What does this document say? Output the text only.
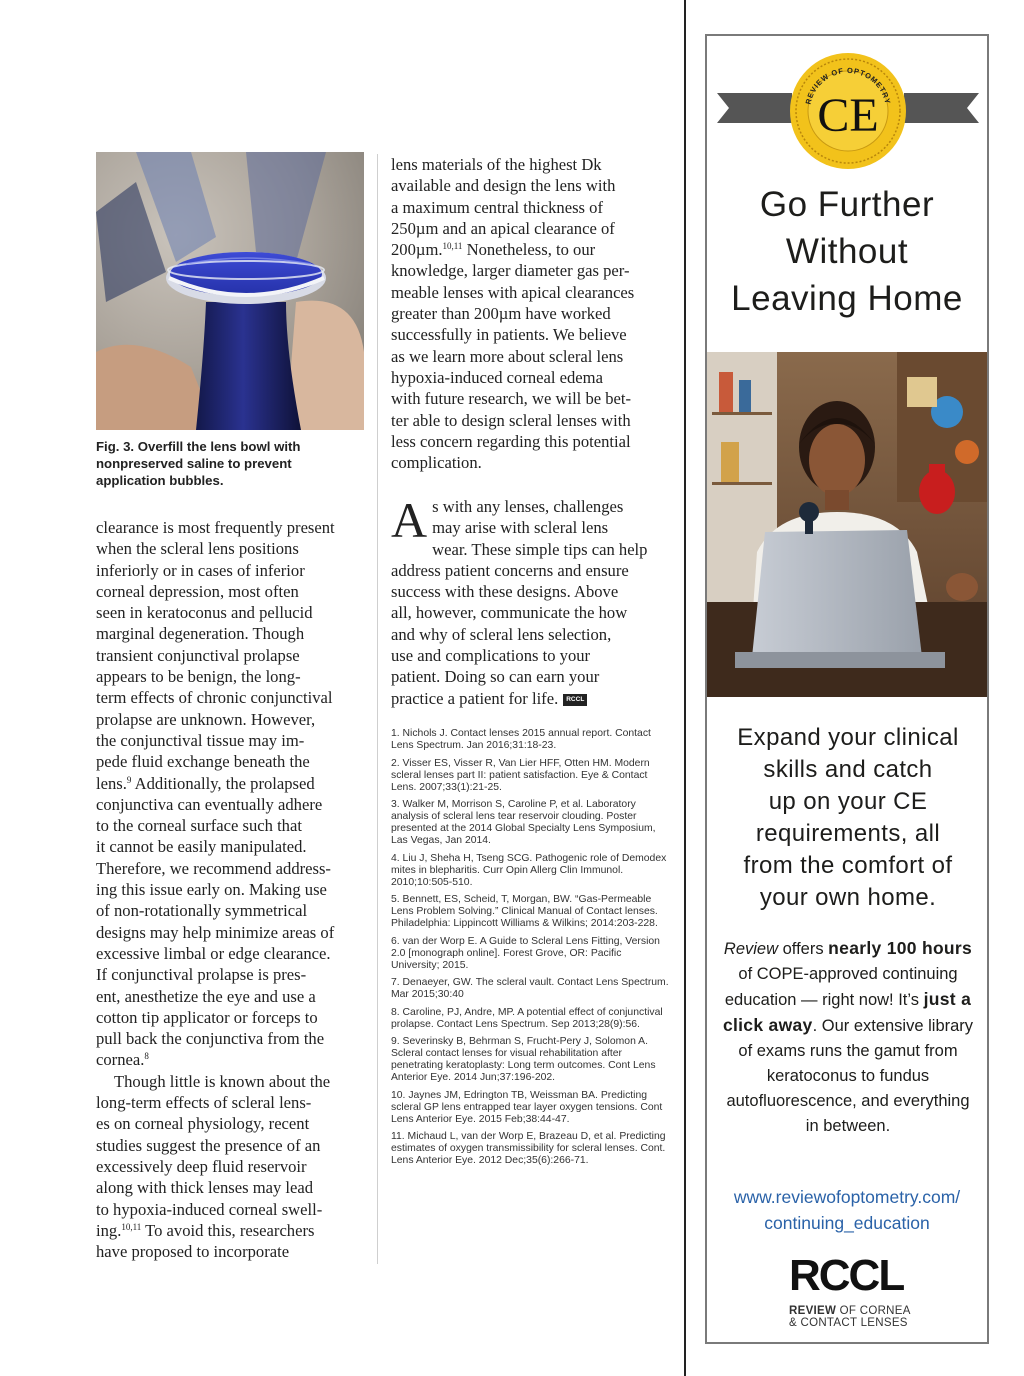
Fig. 3. Overfill the lens bowl with nonpreserved saline to prevent application bubbles.

clearance is most frequently present
when the scleral lens positions
inferiorly or in cases of inferior
corneal depression, most often
seen in keratoconus and pellucid
marginal degeneration. Though
transient conjunctival prolapse
appears to be benign, the long-
term effects of chronic conjunctival
prolapse are unknown. However,
the conjunctival tissue may im-
pede fluid exchange beneath the
lens.$^9$ Additionally, the prolapsed
conjunctiva can eventually adhere
to the corneal surface such that
it cannot be easily manipulated.
Therefore, we recommend address-
ing this issue early on. Making use
of non-rotationally symmetrical
designs may help minimize areas of
excessive limbal or edge clearance.
If conjunctival prolapse is pres-
ent, anesthetize the eye and use a
cotton tip applicator or forceps to
pull back the conjunctiva from the
cornea.$^8$

Though little is known about the
long-term effects of scleral lens-
es on corneal physiology, recent
studies suggest the presence of an
excessively deep fluid reservoir
along with thick lenses may lead
to hypoxia-induced corneal swell-
ing.$^{10,11}$ To avoid this, researchers
have proposed to incorporate

lens materials of the highest Dk
available and design the lens with
a maximum central thickness of
250µm and an apical clearance of
200µm.$^{10,11}$ Nonetheless, to our
knowledge, larger diameter gas per-
meable lenses with apical clearances
greater than 200µm have worked
successfully in patients. We believe
as we learn more about scleral lens
hypoxia-induced corneal edema
with future research, we will be bet-
ter able to design scleral lenses with
less concern regarding this potential
complication.

A s with any lenses, challenges
may arise with scleral lens
wear. These simple tips can help
address patient concerns and ensure
success with these designs. Above
all, however, communicate the how
and why of scleral lens selection,
use and complications to your
patient. Doing so can earn your
practice a patient for life. RCCL

1. Nichols J. Contact lenses 2015 annual report. Contact Lens Spectrum. Jan 2016;31:18-23.
2. Visser ES, Visser R, Van Lier HFF, Otten HM. Modern scleral lenses part II: patient satisfaction. Eye & Contact Lens. 2007;33(1):21-25.
3. Walker M, Morrison S, Caroline P, et al. Laboratory analysis of scleral lens tear reservoir clouding. Poster presented at the 2014 Global Specialty Lens Symposium, Las Vegas, Jan 2014.
4. Liu J, Sheha H, Tseng SCG. Pathogenic role of Demodex mites in blepharitis. Curr Opin Allerg Clin Immunol. 2010;10:505-510.
5. Bennett, ES, Scheid, T, Morgan, BW. “Gas-Permeable Lens Problem Solving.” Clinical Manual of Contact lenses. Philadelphia: Lippincott Williams & Wilkins; 2014:203-228.
6. van der Worp E. A Guide to Scleral Lens Fitting, Version 2.0 [monograph online]. Forest Grove, OR: Pacific University; 2015.
7. Denaeyer, GW. The scleral vault. Contact Lens Spectrum. Mar 2015;30:40
8. Caroline, PJ, Andre, MP. A potential effect of conjunctival prolapse. Contact Lens Spectrum. Sep 2013;28(9):56.
9. Severinsky B, Behrman S, Frucht-Pery J, Solomon A. Scleral contact lenses for visual rehabilitation after penetrating keratoplasty: Long term outcomes. Cont Lens Anterior Eye. 2014 Jun;37:196-202.
10. Jaynes JM, Edrington TB, Weissman BA. Predicting scleral GP lens entrapped tear layer oxygen tensions. Cont Lens Anterior Eye. 2015 Feb;38:44-47.
11. Michaud L, van der Worp E, Brazeau D, et al. Predicting estimates of oxygen transmissibility for scleral lenses. Cont. Lens Anterior Eye. 2012 Dec;35(6):266-71.
REVIEW OF OPTOMETRY
CE
Go Further
Without
Leaving Home
Expand your clinical
skills and catch
up on your CE
requirements, all
from the comfort of
your own home.
Review offers nearly 100 hours of COPE-approved continuing education — right now! It’s just a click away. Our extensive library of exams runs the gamut from keratoconus to fundus autofluorescence, and everything in between.
www.reviewofoptometry.com/
continuing_education
RCCL
REVIEW OF CORNEA
& CONTACT LENSES
